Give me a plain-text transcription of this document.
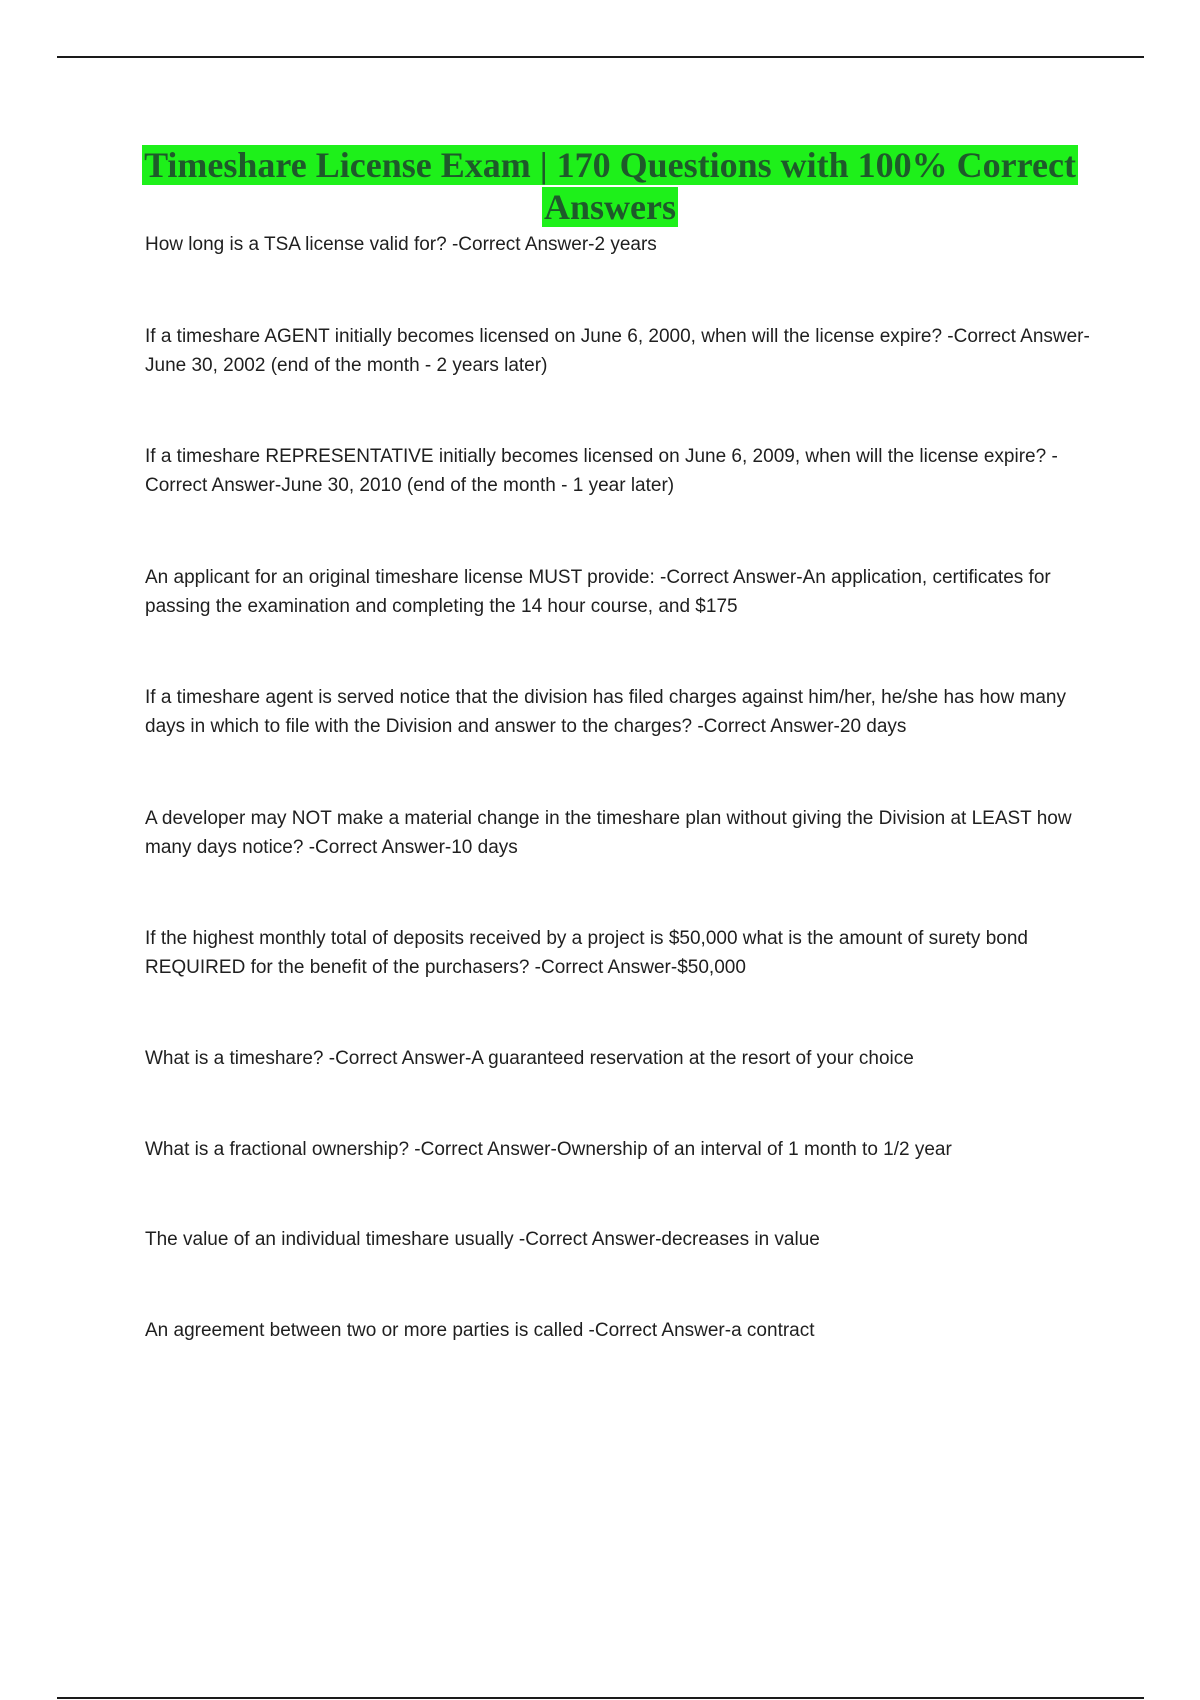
Timeshare License Exam | 170 Questions with 100% Correct Answers

How long is a TSA license valid for? -Correct Answer-2 years

If a timeshare AGENT initially becomes licensed on June 6, 2000, when will the license expire? -Correct Answer-June 30, 2002 (end of the month - 2 years later)

If a timeshare REPRESENTATIVE initially becomes licensed on June 6, 2009, when will the license expire? -Correct Answer-June 30, 2010 (end of the month - 1 year later)

An applicant for an original timeshare license MUST provide: -Correct Answer-An application, certificates for passing the examination and completing the 14 hour course, and $175

If a timeshare agent is served notice that the division has filed charges against him/her, he/she has how many days in which to file with the Division and answer to the charges? -Correct Answer-20 days

A developer may NOT make a material change in the timeshare plan without giving the Division at LEAST how many days notice? -Correct Answer-10 days

If the highest monthly total of deposits received by a project is $50,000 what is the amount of surety bond REQUIRED for the benefit of the purchasers? -Correct Answer-$50,000

What is a timeshare? -Correct Answer-A guaranteed reservation at the resort of your choice

What is a fractional ownership? -Correct Answer-Ownership of an interval of 1 month to 1/2 year

The value of an individual timeshare usually -Correct Answer-decreases in value

An agreement between two or more parties is called -Correct Answer-a contract
